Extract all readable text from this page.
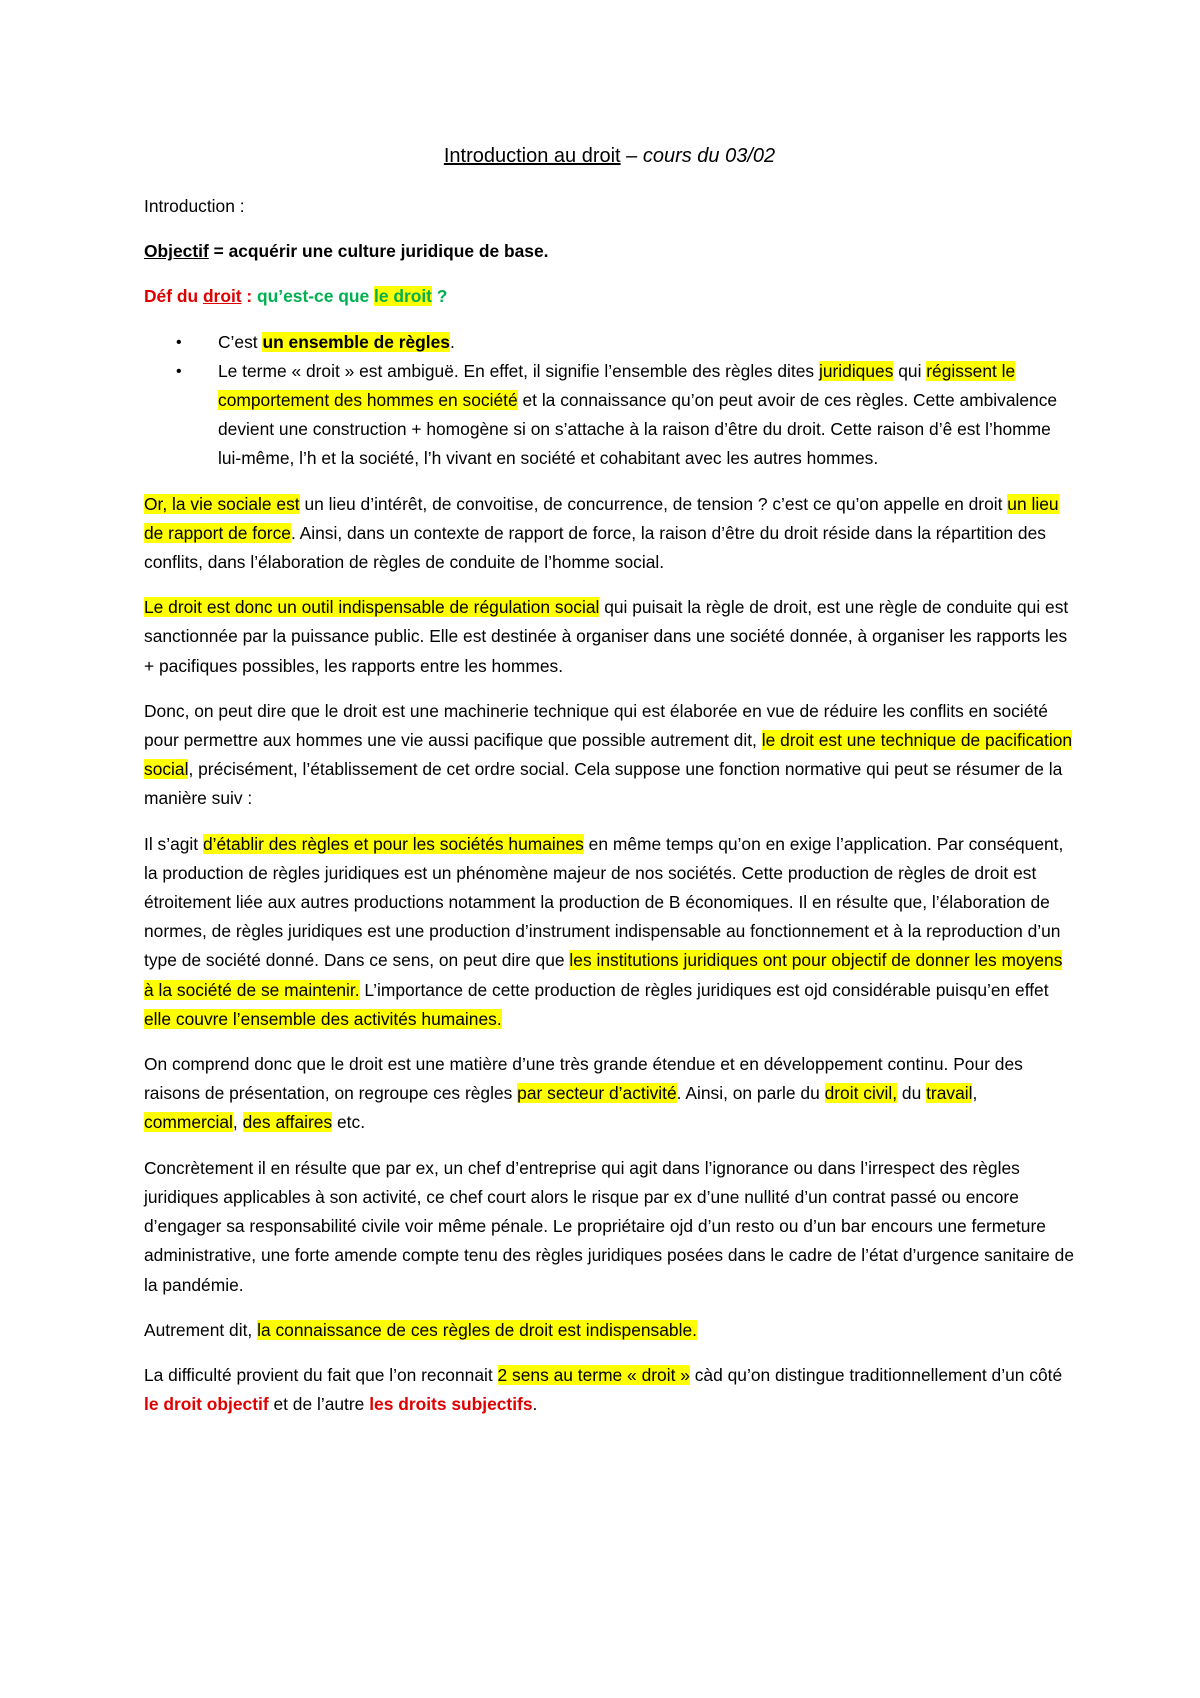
Introduction au droit – cours du 03/02
Introduction :
Objectif = acquérir une culture juridique de base.
Déf du droit : qu’est-ce que le droit ?
• C’est un ensemble de règles.
• Le terme « droit » est ambiguë. En effet, il signifie l’ensemble des règles dites juridiques qui régissent le comportement des hommes en société et la connaissance qu’on peut avoir de ces règles. Cette ambivalence devient une construction + homogène si on s’attache à la raison d’être du droit. Cette raison d’ê est l’homme lui-même, l’h et la société, l’h vivant en société et cohabitant avec les autres hommes.
Or, la vie sociale est un lieu d’intérêt, de convoitise, de concurrence, de tension ? c’est ce qu’on appelle en droit un lieu de rapport de force. Ainsi, dans un contexte de rapport de force, la raison d’être du droit réside dans la répartition des conflits, dans l’élaboration de règles de conduite de l’homme social.
Le droit est donc un outil indispensable de régulation social qui puisait la règle de droit, est une règle de conduite qui est sanctionnée par la puissance public. Elle est destinée à organiser dans une société donnée, à organiser les rapports les + pacifiques possibles, les rapports entre les hommes.
Donc, on peut dire que le droit est une machinerie technique qui est élaborée en vue de réduire les conflits en société pour permettre aux hommes une vie aussi pacifique que possible autrement dit, le droit est une technique de pacification social, précisément, l’établissement de cet ordre social. Cela suppose une fonction normative qui peut se résumer de la manière suiv :
Il s’agit d’établir des règles et pour les sociétés humaines en même temps qu’on en exige l’application. Par conséquent, la production de règles juridiques est un phénomène majeur de nos sociétés. Cette production de règles de droit est étroitement liée aux autres productions notamment la production de B économiques. Il en résulte que, l’élaboration de normes, de règles juridiques est une production d’instrument indispensable au fonctionnement et à la reproduction d’un type de société donné. Dans ce sens, on peut dire que les institutions juridiques ont pour objectif de donner les moyens à la société de se maintenir. L’importance de cette production de règles juridiques est ojd considérable puisqu’en effet elle couvre l’ensemble des activités humaines.
On comprend donc que le droit est une matière d’une très grande étendue et en développement continu. Pour des raisons de présentation, on regroupe ces règles par secteur d’activité. Ainsi, on parle du droit civil, du travail, commercial, des affaires etc.
Concrètement il en résulte que par ex, un chef d’entreprise qui agit dans l’ignorance ou dans l’irrespect des règles juridiques applicables à son activité, ce chef court alors le risque par ex d’une nullité d’un contrat passé ou encore d’engager sa responsabilité civile voir même pénale. Le propriétaire ojd d’un resto ou d’un bar encours une fermeture administrative, une forte amende compte tenu des règles juridiques posées dans le cadre de l’état d’urgence sanitaire de la pandémie.
Autrement dit, la connaissance de ces règles de droit est indispensable.
La difficulté provient du fait que l’on reconnait 2 sens au terme « droit » càd qu’on distingue traditionnellement d’un côté le droit objectif et de l’autre les droits subjectifs.
